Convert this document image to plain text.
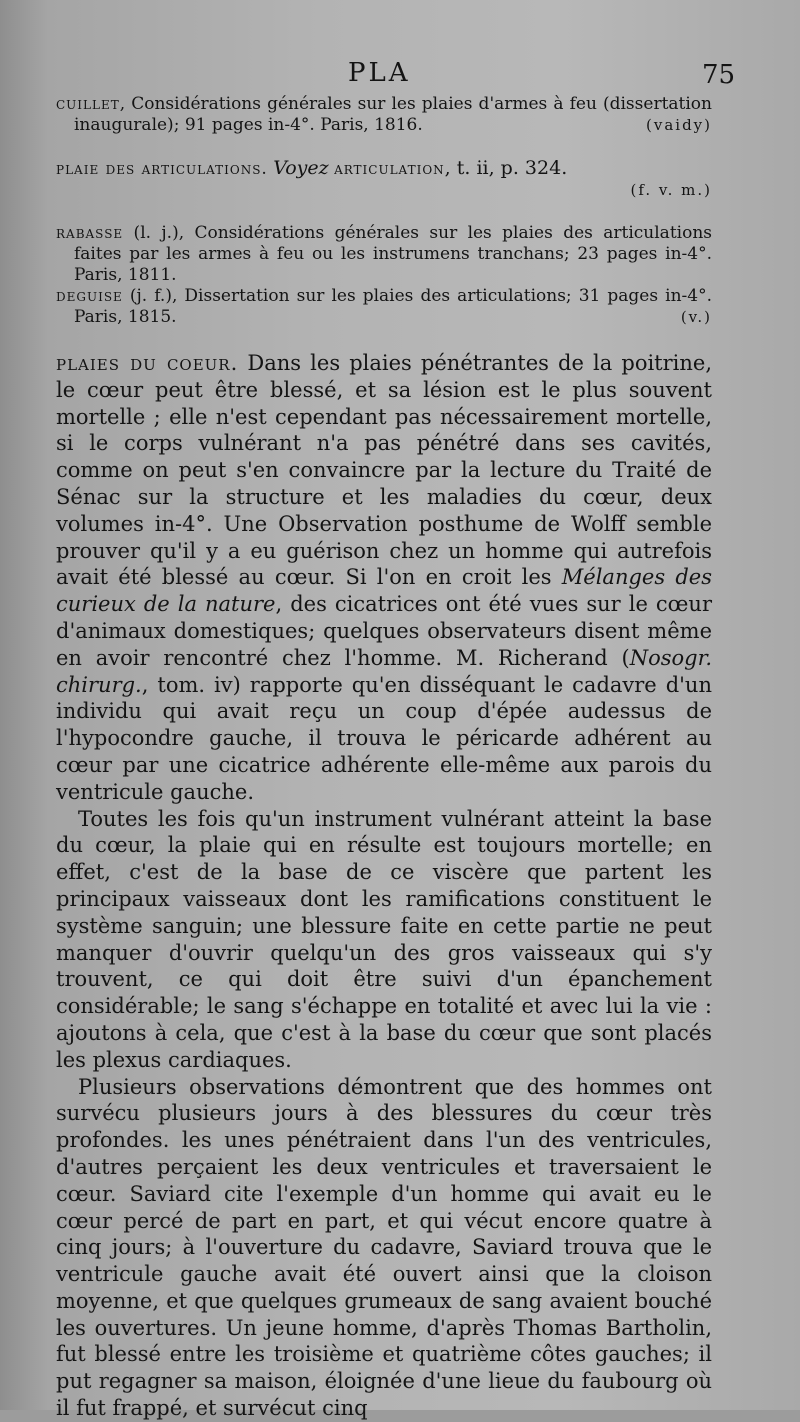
PLA	75

cuillet, Considérations générales sur les plaies d'armes à feu (dissertation inaugurale); 91 pages in-4°. Paris, 1816.	(vaidy)

plaie des articulations. Voyez articulation, t. ii, p. 324.

(f. v. m.)

rabasse (l. j.), Considérations générales sur les plaies des articulations faites par les armes à feu ou les instrumens tranchans; 23 pages in-4°. Paris, 1811.

deguise (j. f.), Dissertation sur les plaies des articulations; 31 pages in-4°. Paris, 1815.	(v.)

plaies du coeur. Dans les plaies pénétrantes de la poitrine, le cœur peut être blessé, et sa lésion est le plus souvent mortelle ; elle n'est cependant pas nécessairement mortelle, si le corps vulnérant n'a pas pénétré dans ses cavités, comme on peut s'en convaincre par la lecture du Traité de Sénac sur la structure et les maladies du cœur, deux volumes in-4°. Une Observation posthume de Wolff semble prouver qu'il y a eu guérison chez un homme qui autrefois avait été blessé au cœur. Si l'on en croit les Mélanges des curieux de la nature, des cicatrices ont été vues sur le cœur d'animaux domestiques; quelques observateurs disent même en avoir rencontré chez l'homme. M. Richerand (Nosogr. chirurg., tom. iv) rapporte qu'en disséquant le cadavre d'un individu qui avait reçu un coup d'épée audessus de l'hypocondre gauche, il trouva le péricarde adhérent au cœur par une cicatrice adhérente elle-même aux parois du ventricule gauche.

Toutes les fois qu'un instrument vulnérant atteint la base du cœur, la plaie qui en résulte est toujours mortelle; en effet, c'est de la base de ce viscère que partent les principaux vaisseaux dont les ramifications constituent le système sanguin; une blessure faite en cette partie ne peut manquer d'ouvrir quelqu'un des gros vaisseaux qui s'y trouvent, ce qui doit être suivi d'un épanchement considérable; le sang s'échappe en totalité et avec lui la vie : ajoutons à cela, que c'est à la base du cœur que sont placés les plexus cardiaques.

Plusieurs observations démontrent que des hommes ont survécu plusieurs jours à des blessures du cœur très profondes. les unes pénétraient dans l'un des ventricules, d'autres perçaient les deux ventricules et traversaient le cœur. Saviard cite l'exemple d'un homme qui avait eu le cœur percé de part en part, et qui vécut encore quatre à cinq jours; à l'ouverture du cadavre, Saviard trouva que le ventricule gauche avait été ouvert ainsi que la cloison moyenne, et que quelques grumeaux de sang avaient bouché les ouvertures. Un jeune homme, d'après Thomas Bartholin, fut blessé entre les troisième et quatrième côtes gauches; il put regagner sa maison, éloignée d'une lieue du faubourg où il fut frappé, et survécut cinq
